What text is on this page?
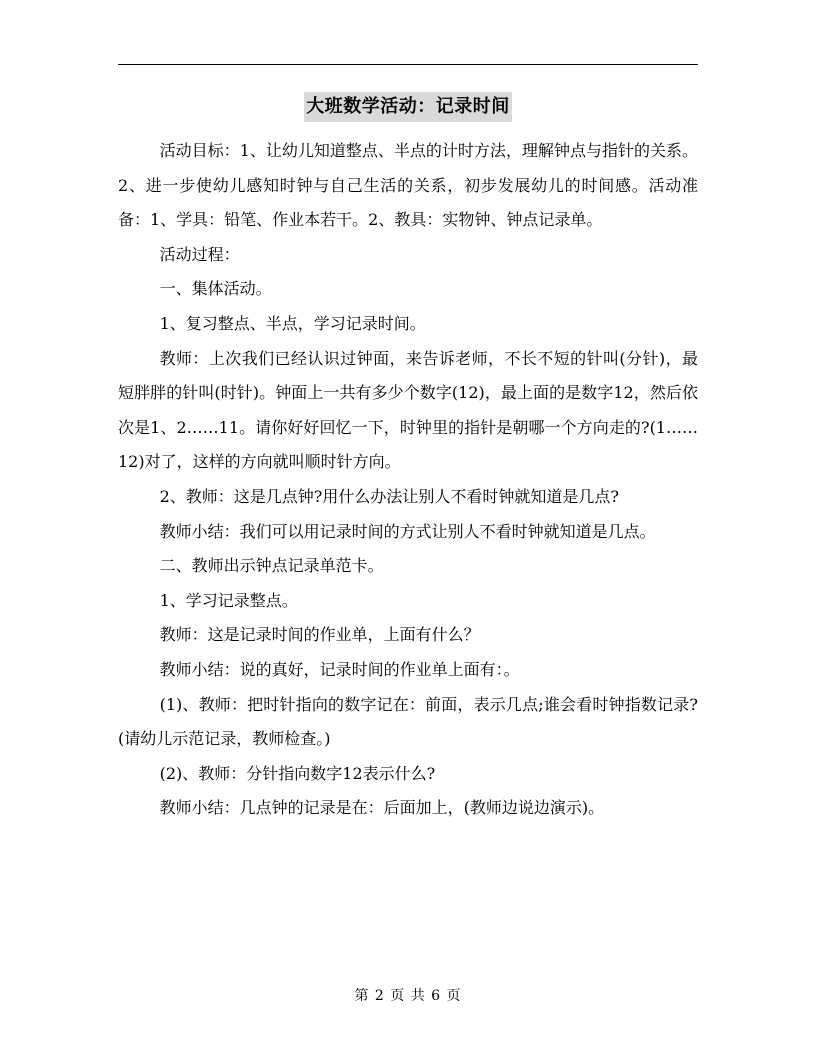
大班数学活动：记录时间

活动目标：1、让幼儿知道整点、半点的计时方法，理解钟点与指针的关系。2、进一步使幼儿感知时钟与自己生活的关系，初步发展幼儿的时间感。活动准备：1、学具：铅笔、作业本若干。2、教具：实物钟、钟点记录单。

活动过程：

一、集体活动。

1、复习整点、半点，学习记录时间。

教师：上次我们已经认识过钟面，来告诉老师，不长不短的针叫(分针)，最短胖胖的针叫(时针)。钟面上一共有多少个数字(12)，最上面的是数字12，然后依次是1、2……11。请你好好回忆一下，时钟里的指针是朝哪一个方向走的?(1……12)对了，这样的方向就叫顺时针方向。

2、教师：这是几点钟?用什么办法让别人不看时钟就知道是几点?

教师小结：我们可以用记录时间的方式让别人不看时钟就知道是几点。

二、教师出示钟点记录单范卡。

1、学习记录整点。

教师：这是记录时间的作业单，上面有什么？

教师小结：说的真好，记录时间的作业单上面有：。

(1)、教师：把时针指向的数字记在：前面，表示几点;谁会看时钟指数记录?(请幼儿示范记录，教师检查。)

(2)、教师：分针指向数字12表示什么?

教师小结：几点钟的记录是在：后面加上，(教师边说边演示)。

第 2 页 共 6 页
